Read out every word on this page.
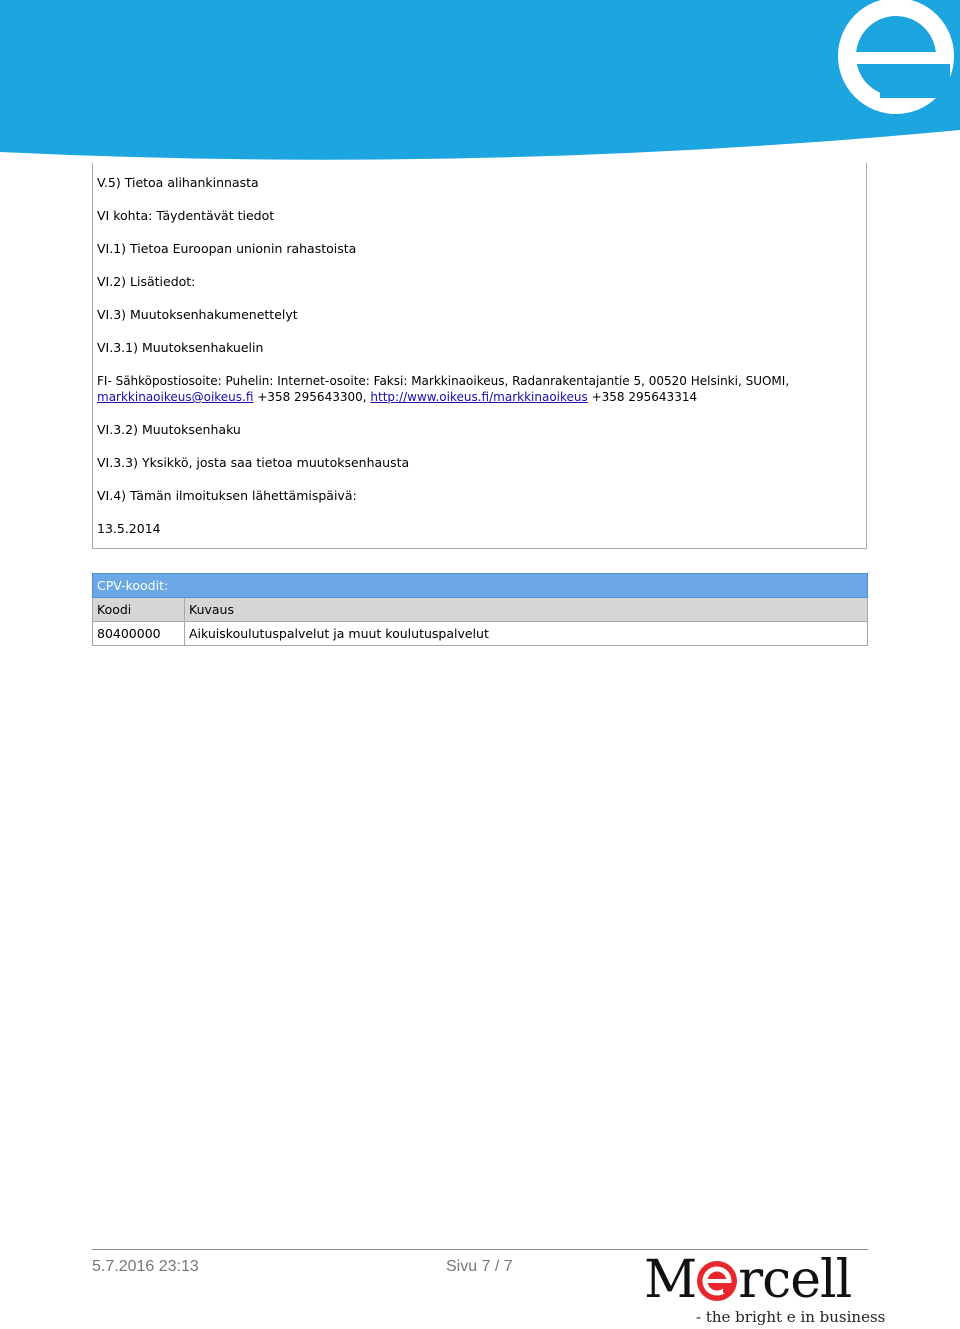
V.5) Tietoa alihankinnasta
VI kohta: Täydentävät tiedot
VI.1) Tietoa Euroopan unionin rahastoista
VI.2) Lisätiedot:
VI.3) Muutoksenhakumenettelyt
VI.3.1) Muutoksenhakuelin
FI- Sähköpostiosoite: Puhelin: Internet-osoite: Faksi: Markkinaoikeus, Radanrakentajantie 5, 00520 Helsinki, SUOMI,
markkinaoikeus@oikeus.fi +358 295643300, http://www.oikeus.fi/markkinaoikeus +358 295643314
VI.3.2) Muutoksenhaku
VI.3.3) Yksikkö, josta saa tietoa muutoksenhausta
VI.4) Tämän ilmoituksen lähettämispäivä:
13.5.2014
CPV-koodit:	
Koodi	Kuvaus
80400000	Aikuiskoulutuspalvelut ja muut koulutuspalvelut
5.7.2016 23:13	Sivu 7 / 7	M rcell
- the bright e in business
